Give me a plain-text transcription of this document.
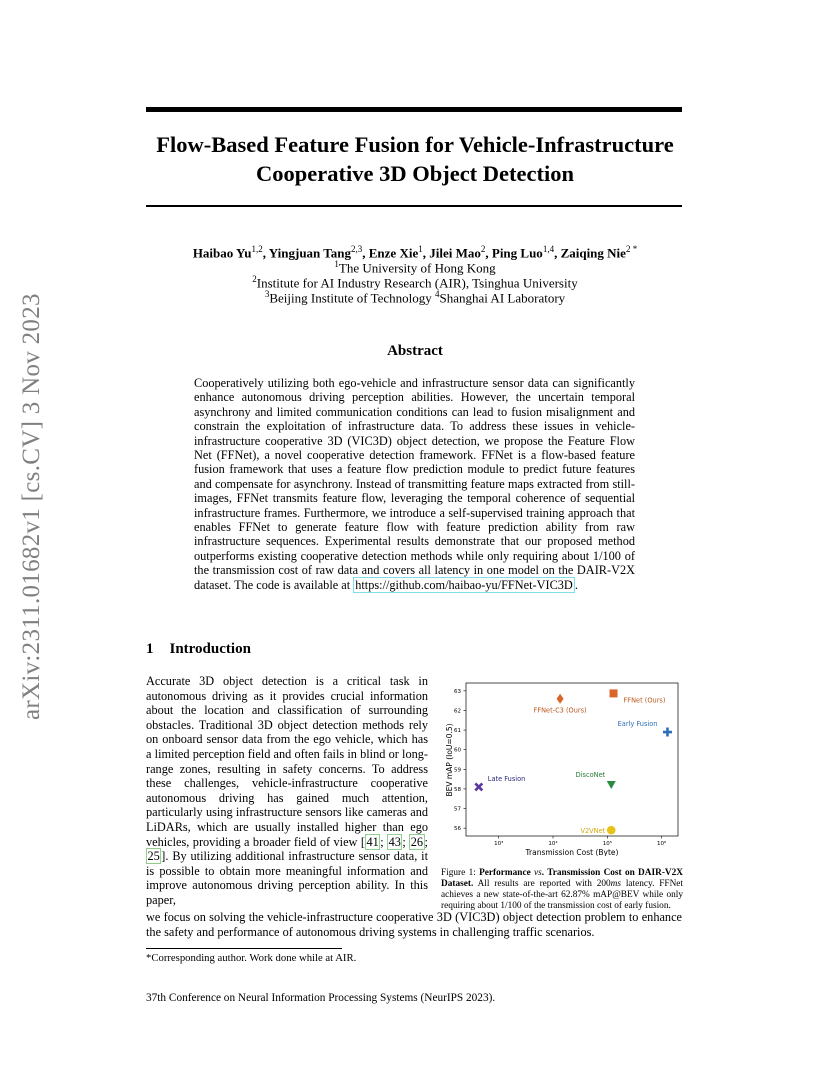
arXiv:2311.01682v1 [cs.CV] 3 Nov 2023
Flow-Based Feature Fusion for Vehicle-Infrastructure
Cooperative 3D Object Detection
Haibao Yu$^{1,2}$, Yingjuan Tang$^{2,3}$, Enze Xie$^1$, Jilei Mao$^2$, Ping Luo$^{1,4}$, Zaiqing Nie$^{2 *}$
$^1$The University of Hong Kong
$^2$Institute for AI Industry Research (AIR), Tsinghua University
$^3$Beijing Institute of Technology $^4$Shanghai AI Laboratory
Abstract

Cooperatively utilizing both ego-vehicle and infrastructure sensor data can significantly enhance autonomous driving perception abilities. However, the uncertain temporal asynchrony and limited communication conditions can lead to fusion misalignment and constrain the exploitation of infrastructure data. To address these issues in vehicle-infrastructure cooperative 3D (VIC3D) object detection, we propose the Feature Flow Net (FFNet), a novel cooperative detection framework. FFNet is a flow-based feature fusion framework that uses a feature flow prediction module to predict future features and compensate for asynchrony. Instead of transmitting feature maps extracted from still-images, FFNet transmits feature flow, leveraging the temporal coherence of sequential infrastructure frames. Furthermore, we introduce a self-supervised training approach that enables FFNet to generate feature flow with feature prediction ability from raw infrastructure sequences. Experimental results demonstrate that our proposed method outperforms existing cooperative detection methods while only requiring about 1/100 of the transmission cost of raw data and covers all latency in one model on the DAIR-V2X dataset. The code is available at https://github.com/haibao-yu/FFNet-VIC3D .

1 Introduction
Accurate 3D object detection is a critical task in autonomous driving as it provides crucial information about the location and classification of surrounding obstacles. Traditional 3D object detection methods rely on onboard sensor data from the ego vehicle, which has a limited perception field and often fails in blind or long-range zones, resulting in safety concerns. To address these challenges, vehicle-infrastructure cooperative autonomous driving has gained much attention, particularly using infrastructure sensors like cameras and LiDARs, which are usually installed higher than ego vehicles, providing a broader field of view [ 41 ; 43 ; 26 ; 25 ]. By utilizing additional infrastructure sensor data, it is possible to obtain more meaningful information and improve autonomous driving perception ability. In this paper,
we focus on solving the vehicle-infrastructure cooperative 3D (VIC3D) object detection problem to enhance the safety and performance of autonomous driving systems in challenging traffic scenarios.
56
57
58
59
60
61
62
63
10³	10⁴	10⁵	10⁶
Late Fusion
FFNet-C3 (Ours)
FFNet (Ours)
Early Fusion
DiscoNet
V2VNet
Transmission Cost (Byte)
BEV mAP (IoU=0.5)
Figure 1: Performance vs. Transmission Cost on DAIR-V2X Dataset. All results are reported with 200ms latency. FFNet achieves a new state-of-the-art 62.87% mAP@BEV while only requiring about 1/100 of the transmission cost of early fusion.
*Corresponding author. Work done while at AIR.
37th Conference on Neural Information Processing Systems (NeurIPS 2023).
